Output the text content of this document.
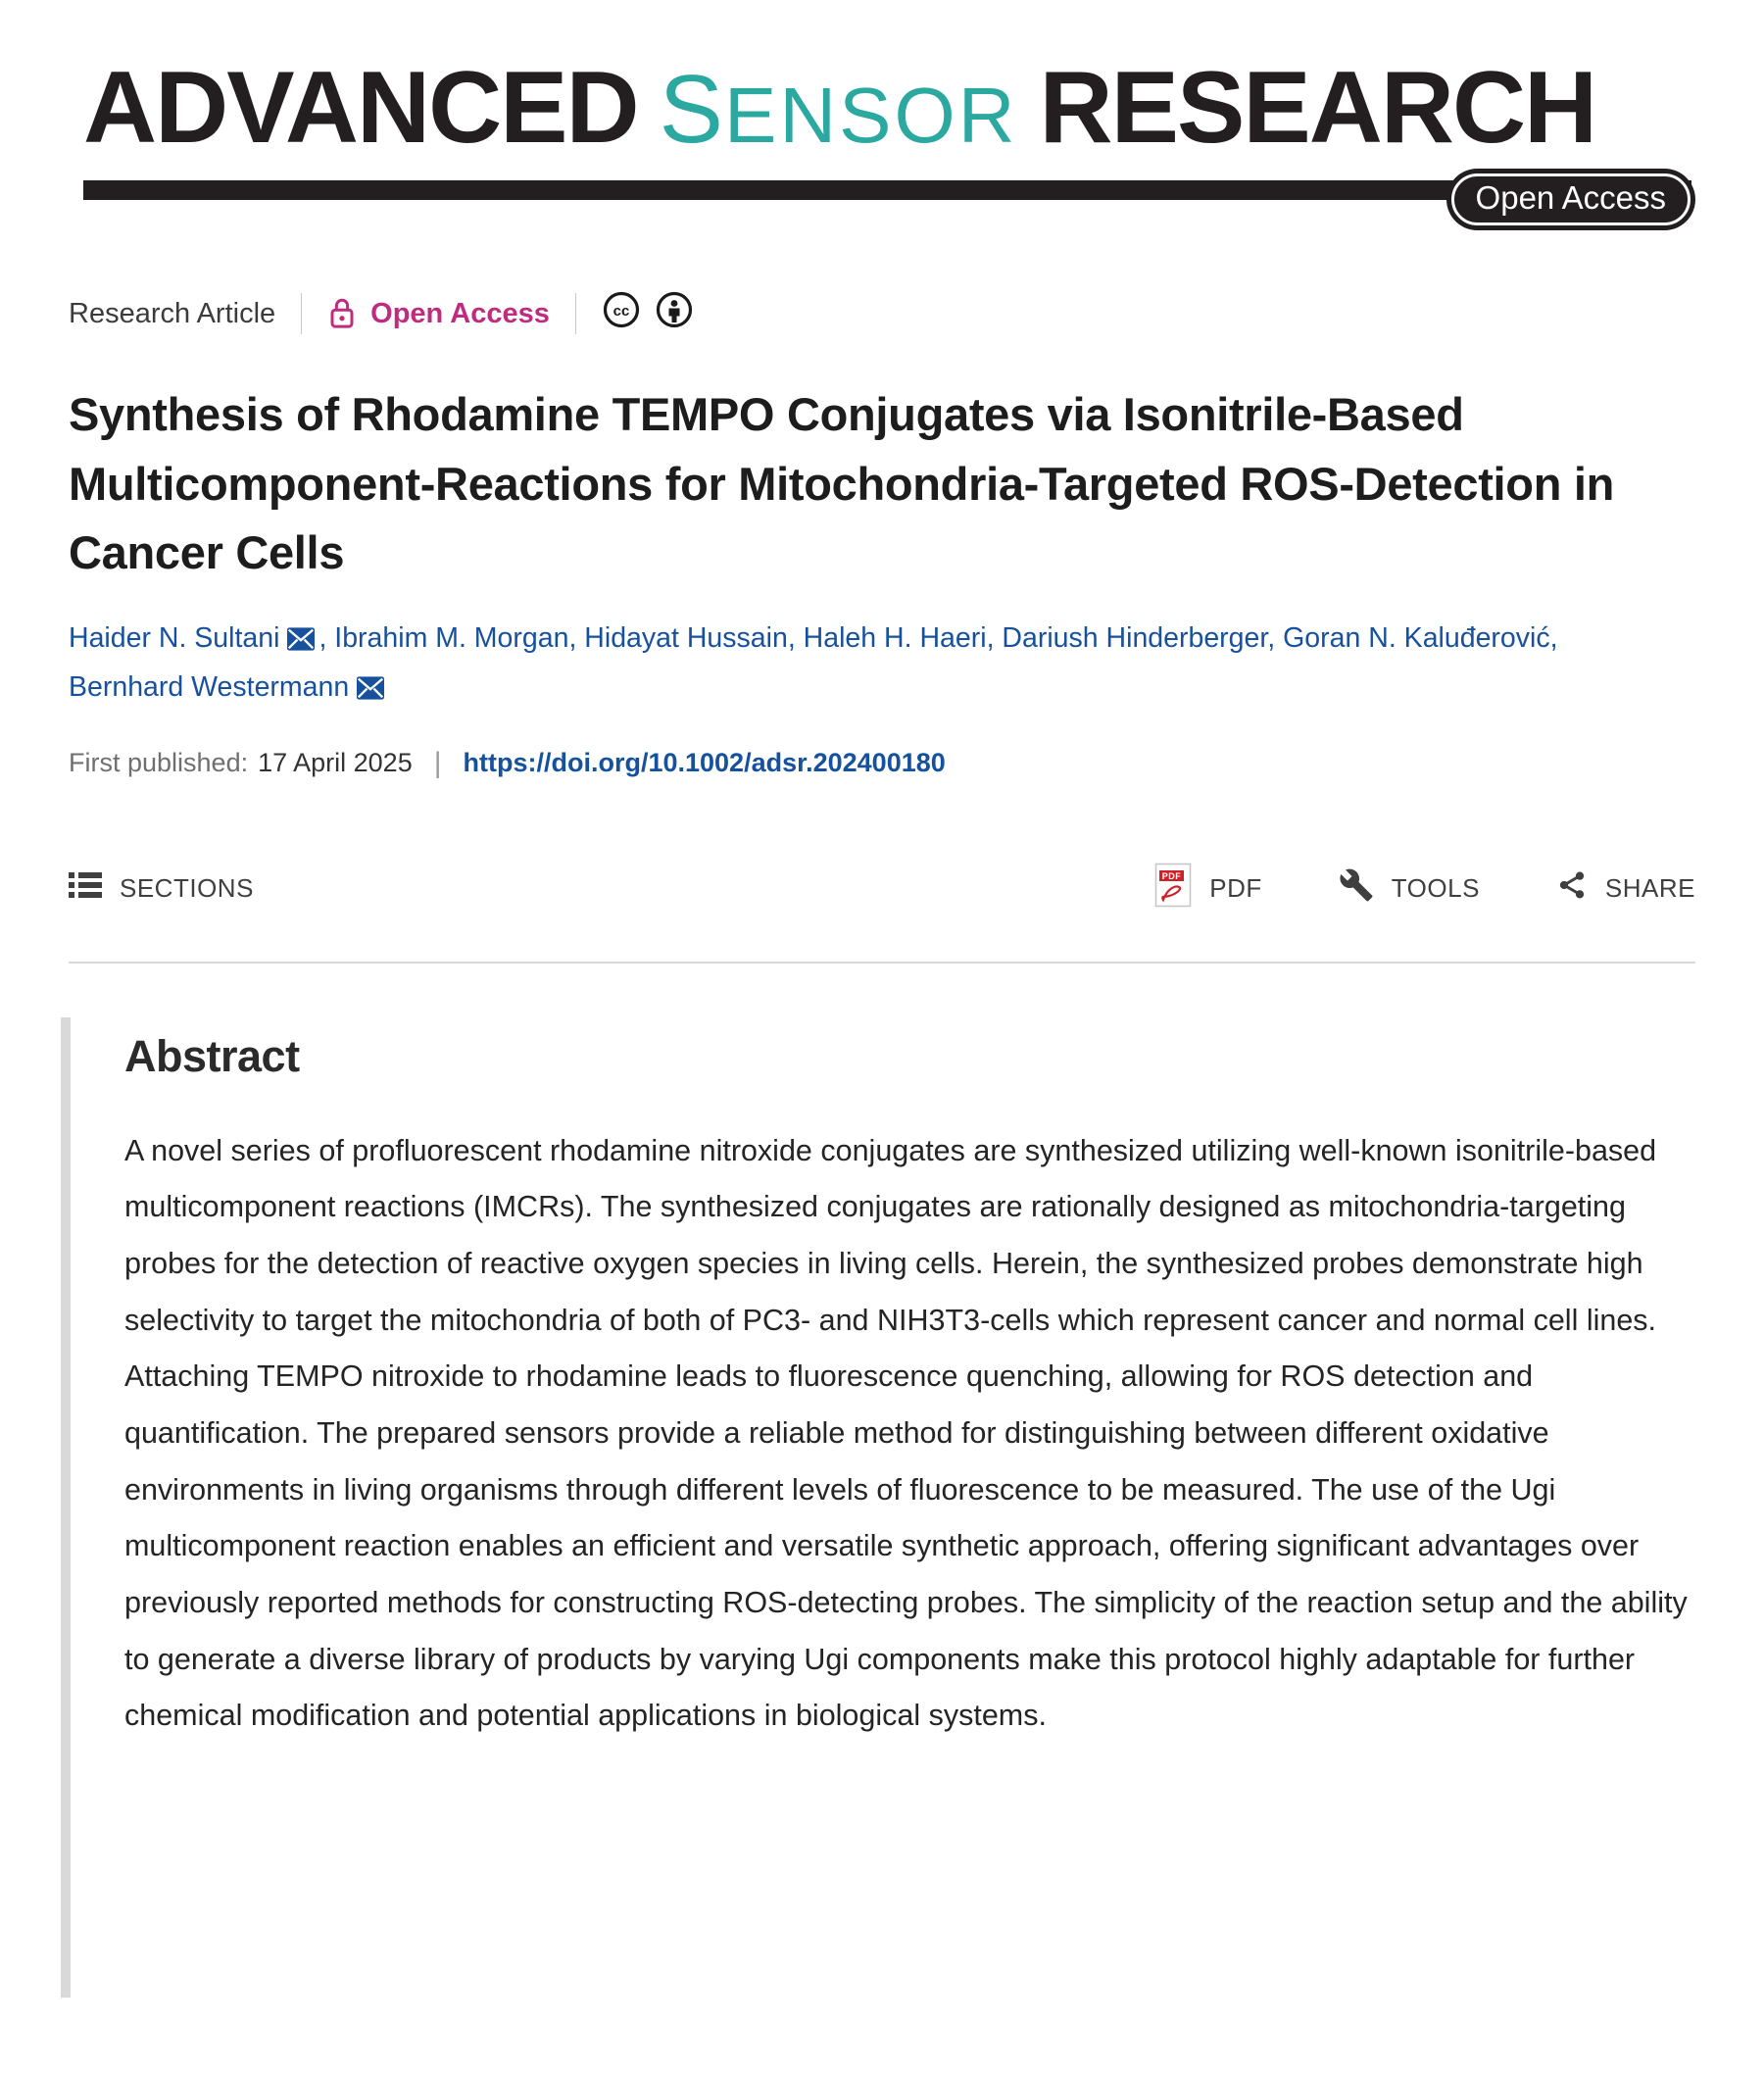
ADVANCED SENSOR RESEARCH
Open Access
Research Article	Open Access	cc
Synthesis of Rhodamine TEMPO Conjugates via Isonitrile-Based Multicomponent-Reactions for Mitochondria-Targeted ROS-Detection in Cancer Cells

Haider N. Sultani , Ibrahim M. Morgan, Hidayat Hussain, Haleh H. Haeri, Dariush Hinderberger, Goran N. Kaluđerović, Bernhard Westermann

First published: 17 April 2025 | https://doi.org/10.1002/adsr.202400180
SECTIONS	PDF PDF	TOOLS	SHARE
Abstract

A novel series of profluorescent rhodamine nitroxide conjugates are synthesized utilizing well-known isonitrile-based multicomponent reactions (IMCRs). The synthesized conjugates are rationally designed as mitochondria-targeting probes for the detection of reactive oxygen species in living cells. Herein, the synthesized probes demonstrate high selectivity to target the mitochondria of both of PC3- and NIH3T3-cells which represent cancer and normal cell lines. Attaching TEMPO nitroxide to rhodamine leads to fluorescence quenching, allowing for ROS detection and quantification. The prepared sensors provide a reliable method for distinguishing between different oxidative environments in living organisms through different levels of fluorescence to be measured. The use of the Ugi multicomponent reaction enables an efficient and versatile synthetic approach, offering significant advantages over previously reported methods for constructing ROS-detecting probes. The simplicity of the reaction setup and the ability to generate a diverse library of products by varying Ugi components make this protocol highly adaptable for further chemical modification and potential applications in biological systems.
